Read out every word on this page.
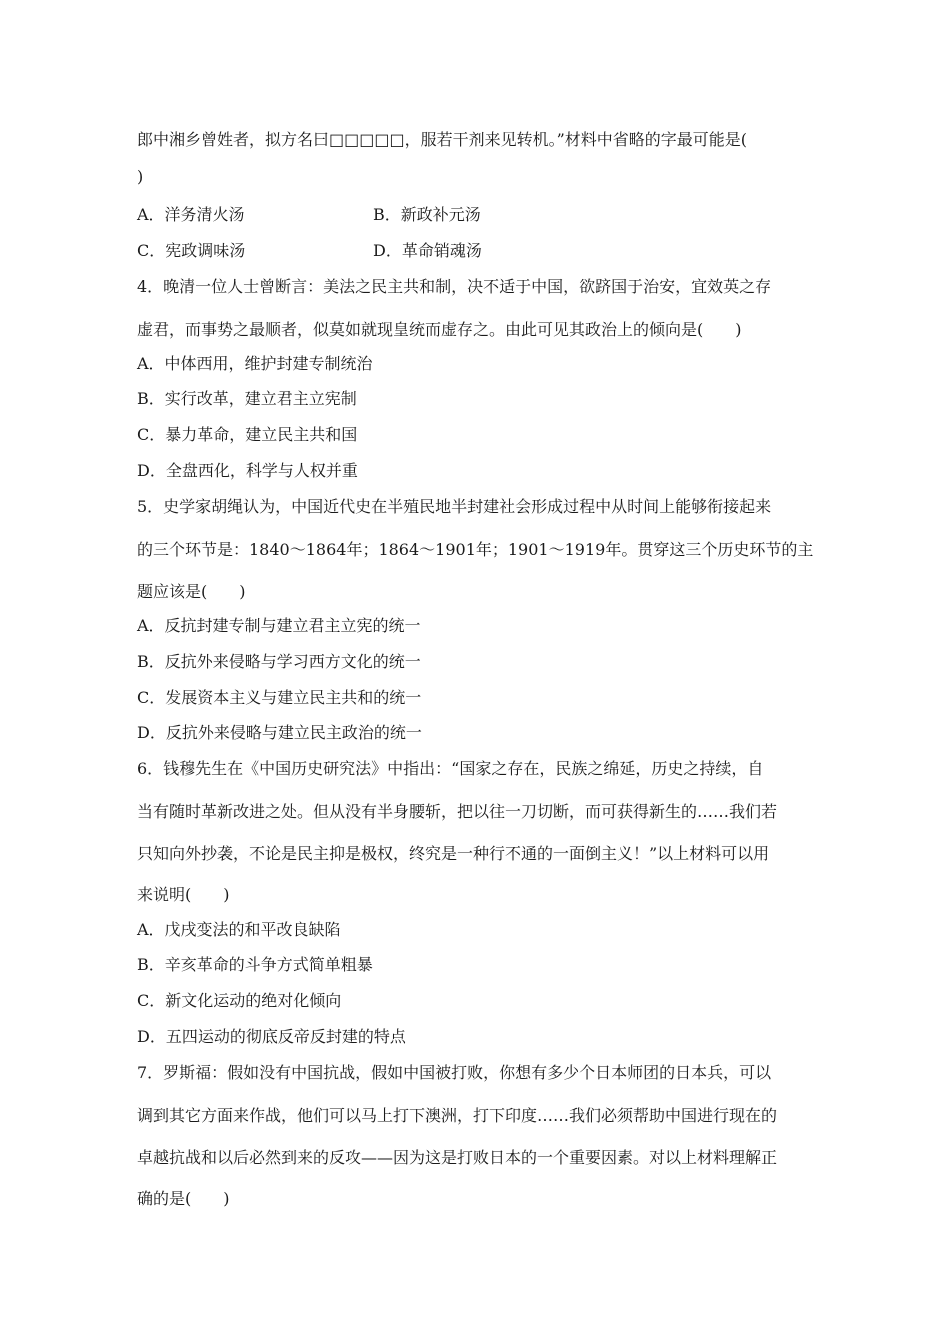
郎中湘乡曾姓者，拟方名曰□□□□□，服若干剂来见转机。”材料中省略的字最可能是(
)
A．洋务清火汤	B．新政补元汤
C．宪政调味汤	D．革命销魂汤
4．晚清一位人士曾断言：美法之民主共和制，决不适于中国，欲跻国于治安，宜效英之存
虚君，而事势之最顺者，似莫如就现皇统而虚存之。由此可见其政治上的倾向是(　　)
A．中体西用，维护封建专制统治
B．实行改革，建立君主立宪制
C．暴力革命，建立民主共和国
D．全盘西化，科学与人权并重
5．史学家胡绳认为，中国近代史在半殖民地半封建社会形成过程中从时间上能够衔接起来
的三个环节是：1840～1864年；1864～1901年；1901～1919年。贯穿这三个历史环节的主
题应该是(　　)
A．反抗封建专制与建立君主立宪的统一
B．反抗外来侵略与学习西方文化的统一
C．发展资本主义与建立民主共和的统一
D．反抗外来侵略与建立民主政治的统一
6．钱穆先生在《中国历史研究法》中指出：“国家之存在，民族之绵延，历史之持续，自
当有随时革新改进之处。但从没有半身腰斩，把以往一刀切断，而可获得新生的……我们若
只知向外抄袭，不论是民主抑是极权，终究是一种行不通的一面倒主义！”以上材料可以用
来说明(　　)
A．戊戌变法的和平改良缺陷
B．辛亥革命的斗争方式简单粗暴
C．新文化运动的绝对化倾向
D．五四运动的彻底反帝反封建的特点
7．罗斯福：假如没有中国抗战，假如中国被打败，你想有多少个日本师团的日本兵，可以
调到其它方面来作战，他们可以马上打下澳洲，打下印度……我们必须帮助中国进行现在的
卓越抗战和以后必然到来的反攻——因为这是打败日本的一个重要因素。对以上材料理解正
确的是(　　)
